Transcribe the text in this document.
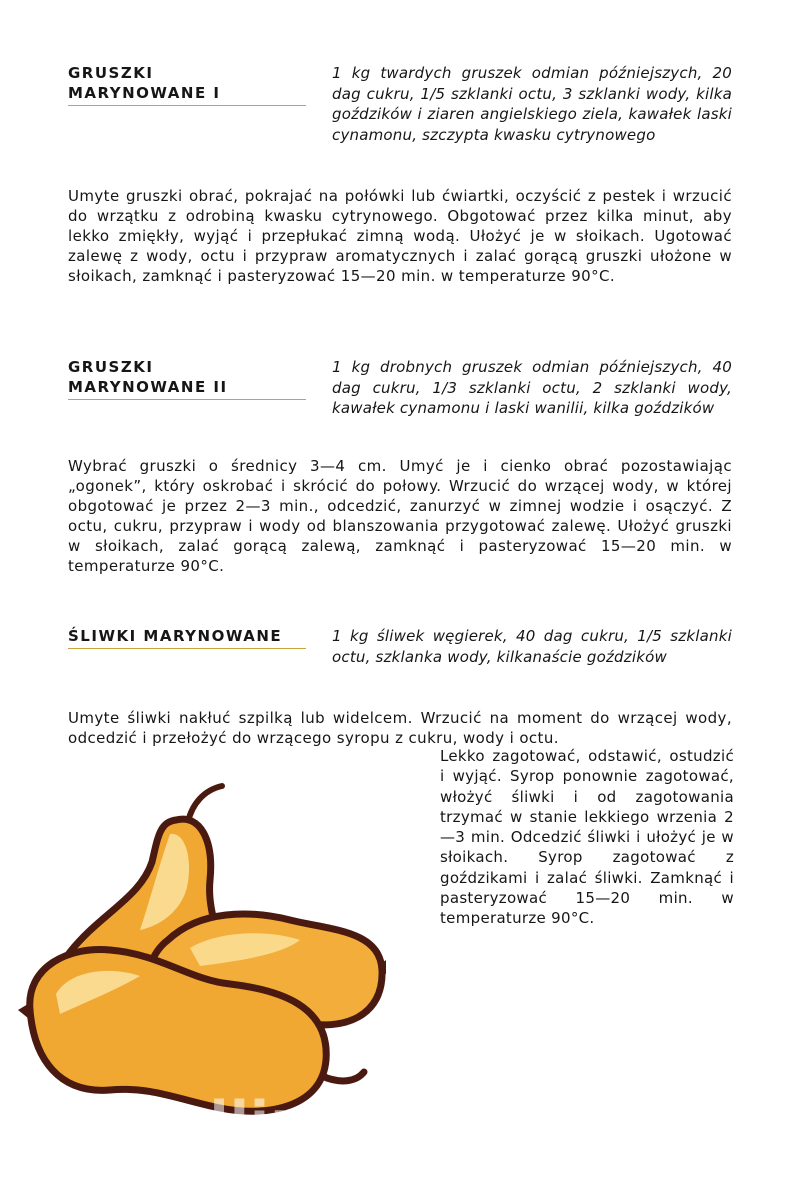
GRUSZKI
MARYNOWANE I
1 kg twardych gruszek odmian późniejszych, 20 dag cukru, 1/5 szklanki octu, 3 szklanki wody, kilka goździków i ziaren angielskiego ziela, kawałek laski cynamonu, szczypta kwasku cytrynowego
Umyte gruszki obrać, pokrajać na połówki lub ćwiartki, oczyścić z pestek i wrzucić do wrzątku z odrobiną kwasku cytrynowego. Obgotować przez kilka minut, aby lekko zmiękły, wyjąć i przepłukać zimną wodą. Ułożyć je w słoikach. Ugotować zalewę z wody, octu i przypraw aromatycznych i zalać gorącą gruszki ułożone w słoikach, zamknąć i pasteryzować 15—20 min. w temperaturze 90°C.
GRUSZKI
MARYNOWANE II
1 kg drobnych gruszek odmian późniejszych, 40 dag cukru, 1/3 szklanki octu, 2 szklanki wody, kawałek cynamonu i laski wanilii, kilka goździków
Wybrać gruszki o średnicy 3—4 cm. Umyć je i cienko obrać pozostawiając „ogonek”, który oskrobać i skrócić do połowy. Wrzucić do wrzącej wody, w której obgotować je przez 2—3 min., odcedzić, zanurzyć w zimnej wodzie i osączyć. Z octu, cukru, przypraw i wody od blanszowania przygotować zalewę. Ułożyć gruszki w słoikach, zalać gorącą zalewą, zamknąć i pasteryzować 15—20 min. w temperaturze 90°C.
ŚLIWKI MARYNOWANE	1 kg śliwek węgierek, 40 dag cukru, 1/5 szklanki octu, szklanka wody, kilkanaście goździków
Umyte śliwki nakłuć szpilką lub widelcem. Wrzucić na moment do wrzącej wody, odcedzić i przełożyć do wrzącego syropu z cukru, wody i octu.
Lekko zagotować, odstawić, ostudzić i wyjąć. Syrop ponownie zagotować, włożyć śliwki i od zagotowania trzymać w stanie lekkiego wrzenia 2—3 min. Odcedzić śliwki i ułożyć je w słoikach. Syrop zagotować z goździkami i zalać śliwki. Zamknąć i pasteryzować 15—20 min. w temperaturze 90°C.
wedlinydomowe.pl
